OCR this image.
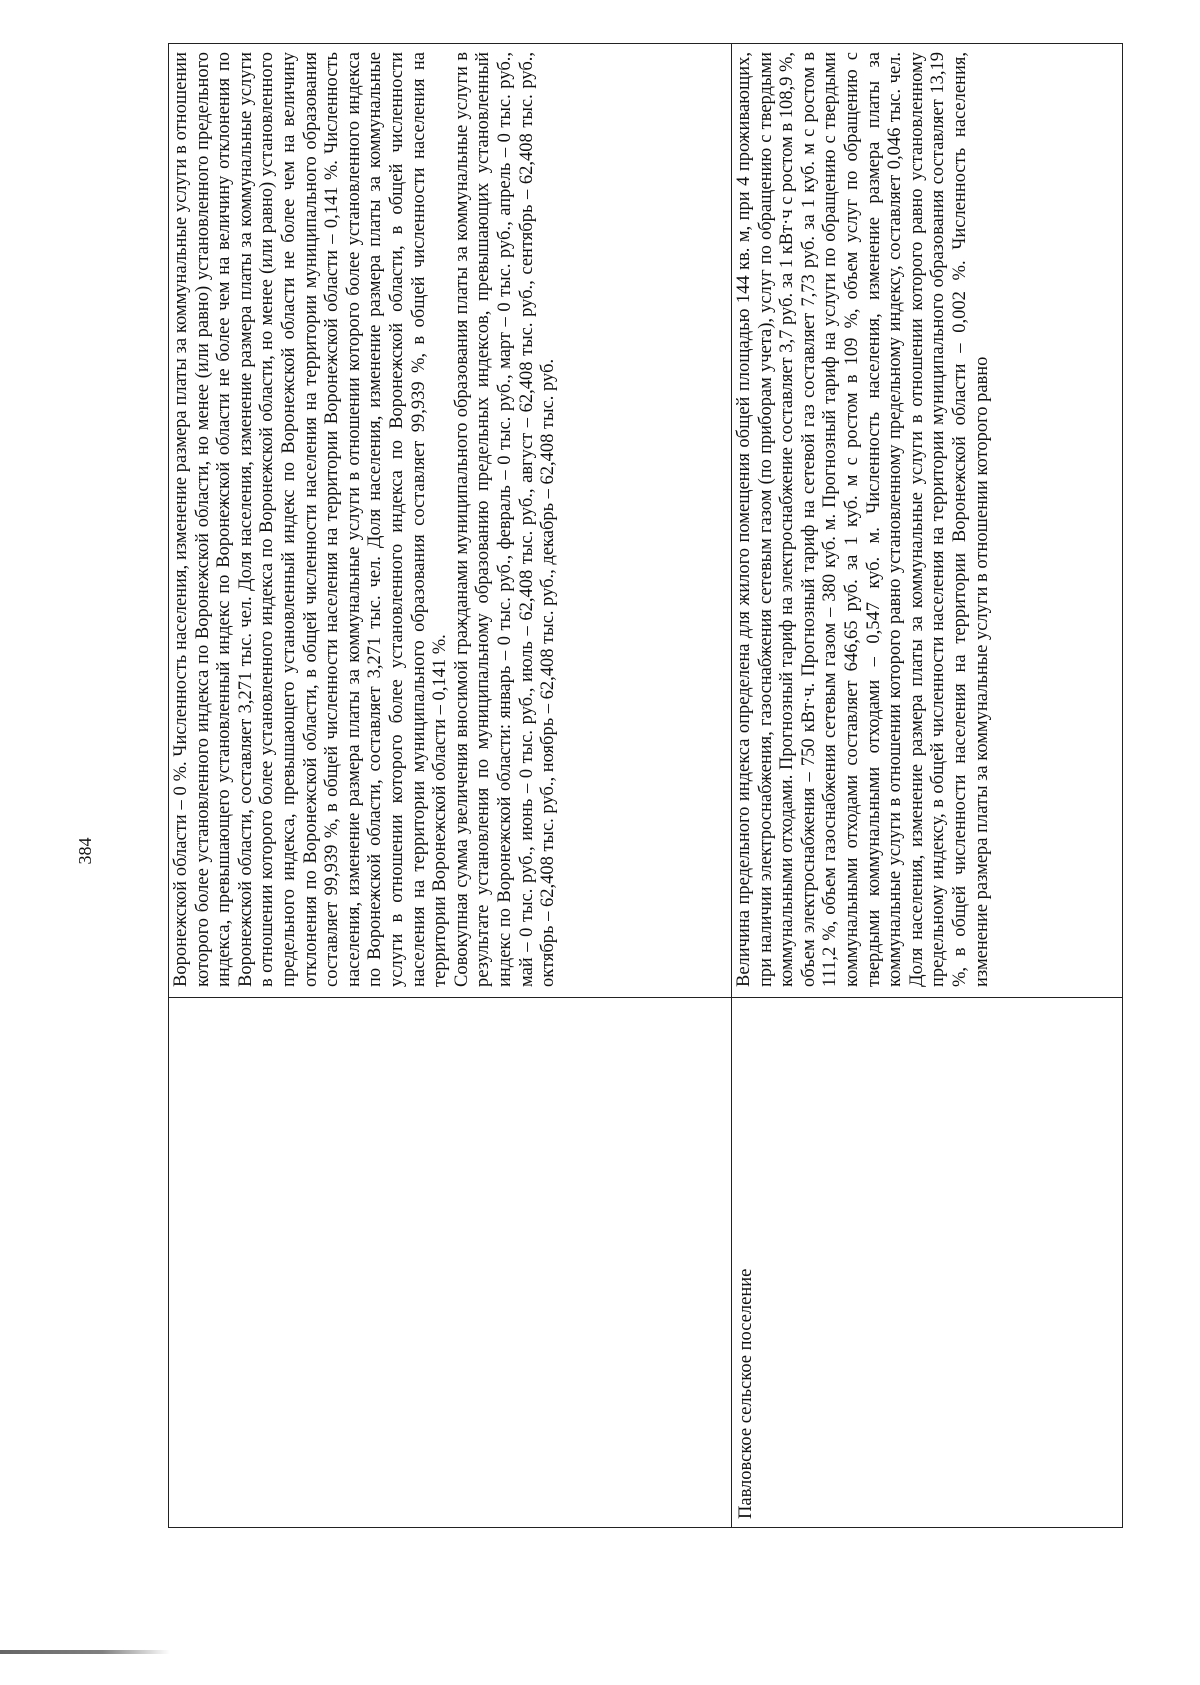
384	Воронежской области – 0 %. Численность населения, изменение размера платы за коммунальные услуги в отношении которого более установленного индекса по Воронежской области, но менее (или равно) установленного предельного индекса, превышающего установленный индекс по Воронежской области не более чем на величину отклонения по Воронежской области, составляет 3,271 тыс. чел. Доля населения, изменение размера платы за коммунальные услуги в отношении которого более установленного индекса по Воронежской области, но менее (или равно) установленного предельного индекса, превышающего установленный индекс по Воронежской области не более чем на величину отклонения по Воронежской области, в общей численности населения на территории муниципального образования составляет 99,939 %, в общей численности населения на территории Воронежской области – 0,141 %. Численность населения, изменение размера платы за коммунальные услуги в отношении которого более установленного индекса по Воронежской области, составляет 3,271 тыс. чел. Доля населения, изменение размера платы за коммунальные услуги в отношении которого более установленного индекса по Воронежской области, в общей численности населения на территории муниципального образования составляет 99,939 %, в общей численности населения на территории Воронежской области – 0,141 %. Совокупная сумма увеличения вносимой гражданами муниципального образования платы за коммунальные услуги в результате установления по муниципальному образованию предельных индексов, превышающих установленный индекс по Воронежской области: январь – 0 тыс. руб., февраль – 0 тыс. руб., март – 0 тыс. руб., апрель – 0 тыс. руб., май – 0 тыс. руб., июнь – 0 тыс. руб., июль – 62,408 тыс. руб., август – 62,408 тыс. руб., сентябрь – 62,408 тыс. руб., октябрь – 62,408 тыс. руб., ноябрь – 62,408 тыс. руб., декабрь – 62,408 тыс. руб.

Павловское сельское поселение

Величина предельного индекса определена для жилого помещения общей площадью 144 кв. м, при 4 проживающих, при наличии электроснабжения, газоснабжения сетевым газом (по приборам учета), услуг по обращению с твердыми коммунальными отходами. Прогнозный тариф на электроснабжение составляет 3,7 руб. за 1 кВт·ч с ростом в 108,9 %, объем электроснабжения – 750 кВт·ч. Прогнозный тариф на сетевой газ составляет 7,73 руб. за 1 куб. м с ростом в 111,2 %, объем газоснабжения сетевым газом – 380 куб. м. Прогнозный тариф на услуги по обращению с твердыми коммунальными отходами составляет 646,65 руб. за 1 куб. м с ростом в 109 %, объем услуг по обращению с твердыми коммунальными отходами – 0,547 куб. м. Численность населения, изменение размера платы за коммунальные услуги в отношении которого равно установленному предельному индексу, составляет 0,046 тыс. чел. Доля населения, изменение размера платы за коммунальные услуги в отношении которого равно установленному предельному индексу, в общей численности населения на территории муниципального образования составляет 13,19 %, в общей численности населения на территории Воронежской области – 0,002 %. Численность населения, изменение размера платы за коммунальные услуги в отношении которого равно
